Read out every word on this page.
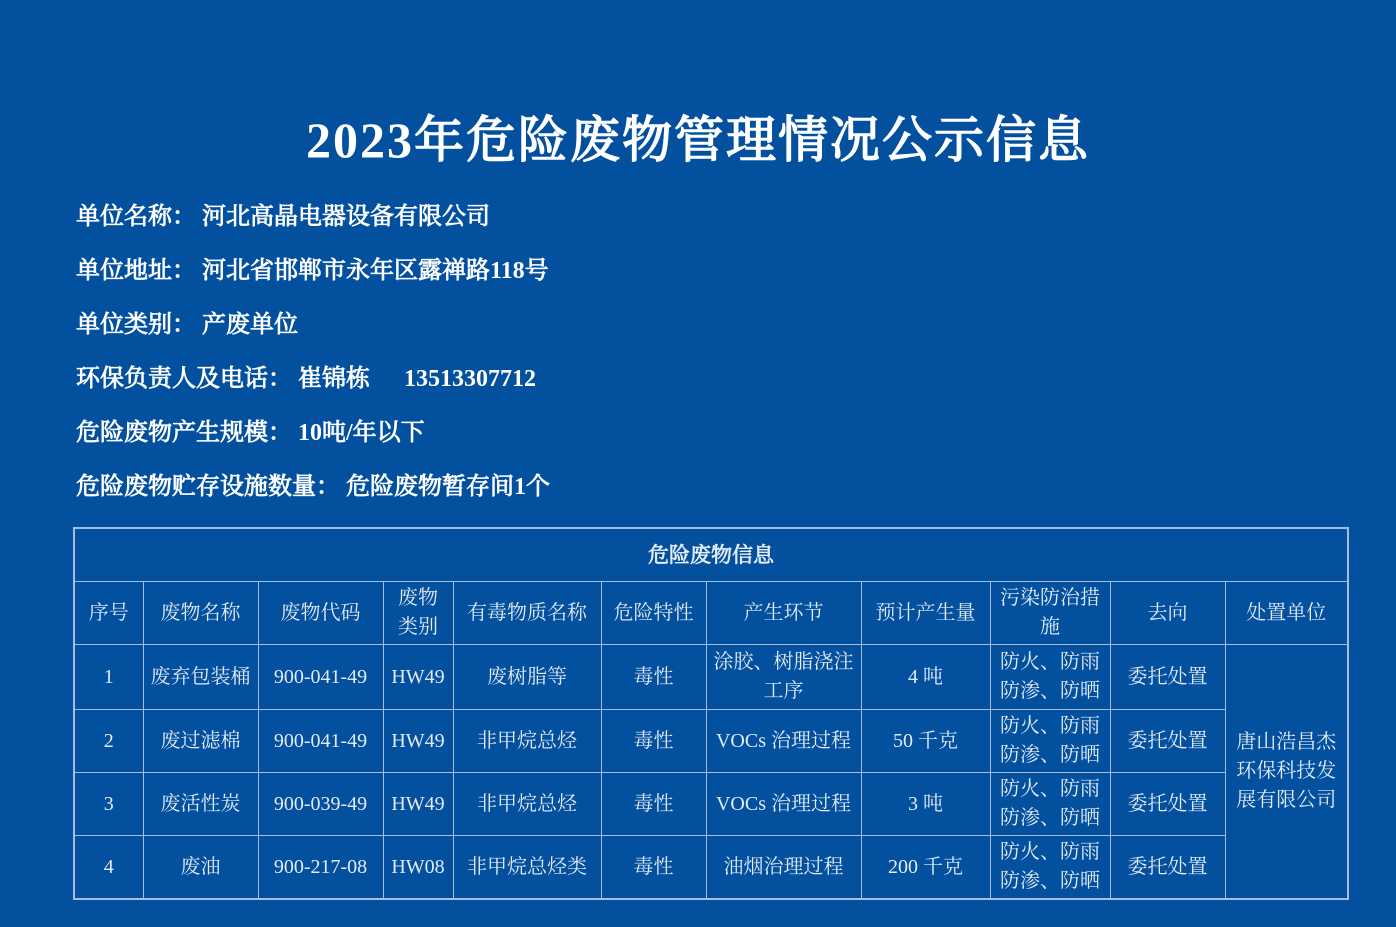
2023年危险废物管理情况公示信息
单位名称： 河北高晶电器设备有限公司
单位地址： 河北省邯郸市永年区露禅路118号
单位类别： 产废单位
环保负责人及电话： 崔锦栋 13513307712
危险废物产生规模： 10吨/年以下
危险废物贮存设施数量： 危险废物暂存间1个
危险废物信息										
序号	废物名称	废物代码	废物类别	有毒物质名称	危险特性	产生环节	预计产生量	污染防治措施	去向	处置单位
1	废弃包装桶	900-041-49	HW49	废树脂等	毒性	涂胶、树脂浇注工序	4 吨	防火、防雨防渗、防晒	委托处置	唐山浩昌杰环保科技发展有限公司
2	废过滤棉	900-041-49	HW49	非甲烷总烃	毒性	VOCs 治理过程	50 千克	防火、防雨防渗、防晒	委托处置	
3	废活性炭	900-039-49	HW49	非甲烷总烃	毒性	VOCs 治理过程	3 吨	防火、防雨防渗、防晒	委托处置	
4	废油	900-217-08	HW08	非甲烷总烃类	毒性	油烟治理过程	200 千克	防火、防雨防渗、防晒	委托处置	
